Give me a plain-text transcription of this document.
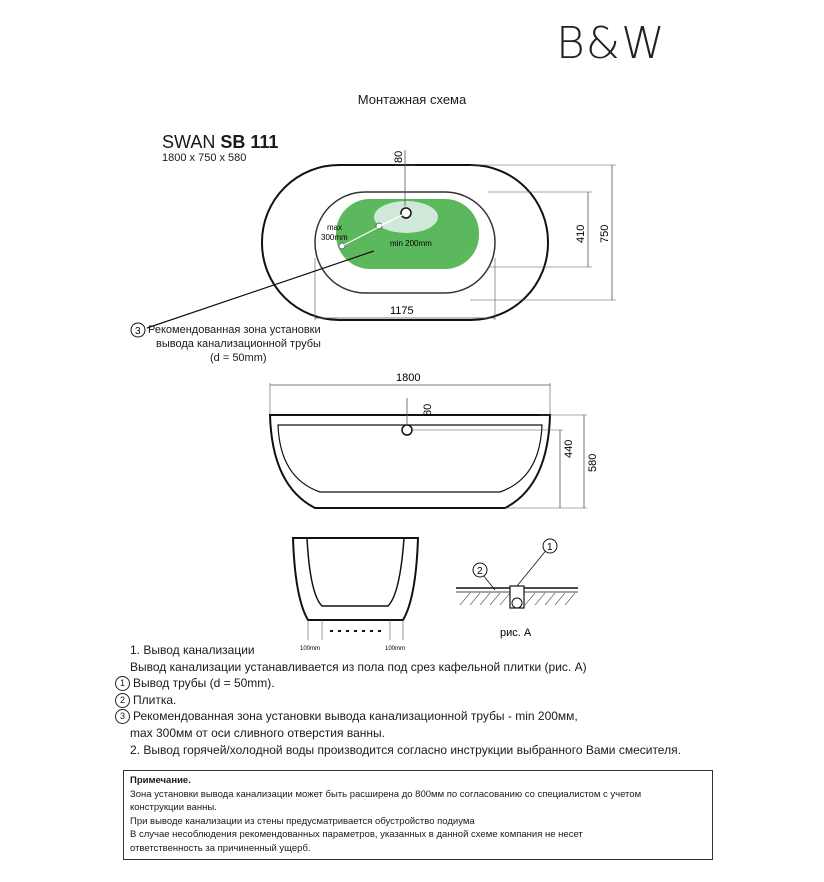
B&W
Монтажная схема
SWAN SB 111
1800 x 750 x 580
max
300mm
min 200mm
80
410 750
1175
3
1800
80
440
580
100mm	100mm
1
2
рис. А
Рекомендованная зона установки
вывода канализационной трубы
(d = 50mm)
1. Вывод канализации
Вывод канализации устанавливается из пола под срез кафельной плитки (рис. А)
1 Вывод трубы (d = 50mm).
2 Плитка.
3 Рекомендованная зона установки вывода канализационной трубы - min 200мм,
max 300мм от оси сливного отверстия ванны.
2. Вывод горячей/холодной воды производится согласно инструкции выбранного Вами смесителя.
Примечание.
Зона установки вывода канализации может быть расширена до 800мм по согласованию со специалистом с учетом
конструкции ванны.
При выводе канализации из стены предусматривается обустройство подиума
В случае несоблюдения рекомендованных параметров, указанных в данной схеме компания не несет
ответственность за причиненный ущерб.
